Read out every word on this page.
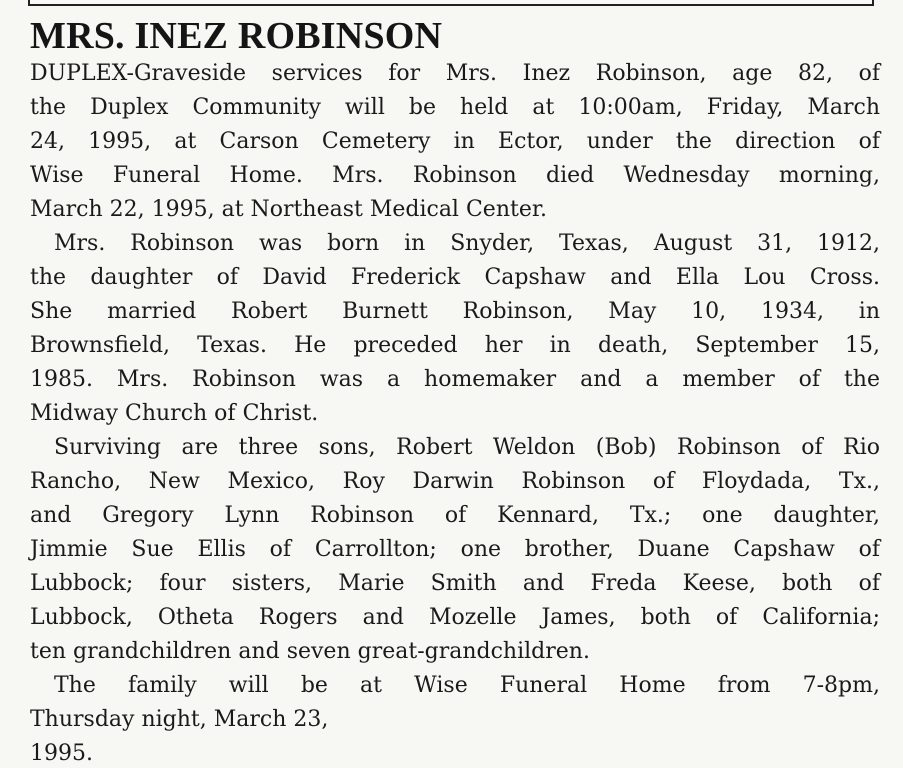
MRS. INEZ ROBINSON
DUPLEX-Graveside services for Mrs. Inez Robinson, age 82, of
the Duplex Community will be held at 10:00am, Friday, March
24, 1995, at Carson Cemetery in Ector, under the direction of
Wise Funeral Home. Mrs. Robinson died Wednesday morning,
March 22, 1995, at Northeast Medical Center.
Mrs. Robinson was born in Snyder, Texas, August 31, 1912,
the daughter of David Frederick Capshaw and Ella Lou Cross.
She married Robert Burnett Robinson, May 10, 1934, in
Brownsfield, Texas. He preceded her in death, September 15,
1985. Mrs. Robinson was a homemaker and a member of the
Midway Church of Christ.
Surviving are three sons, Robert Weldon (Bob) Robinson of Rio
Rancho, New Mexico, Roy Darwin Robinson of Floydada, Tx.,
and Gregory Lynn Robinson of Kennard, Tx.; one daughter,
Jimmie Sue Ellis of Carrollton; one brother, Duane Capshaw of
Lubbock; four sisters, Marie Smith and Freda Keese, both of
Lubbock, Otheta Rogers and Mozelle James, both of California;
ten grandchildren and seven great-grandchildren.
The family will be at Wise Funeral Home from 7-8pm,
Thursday night, March 23,
1995.
